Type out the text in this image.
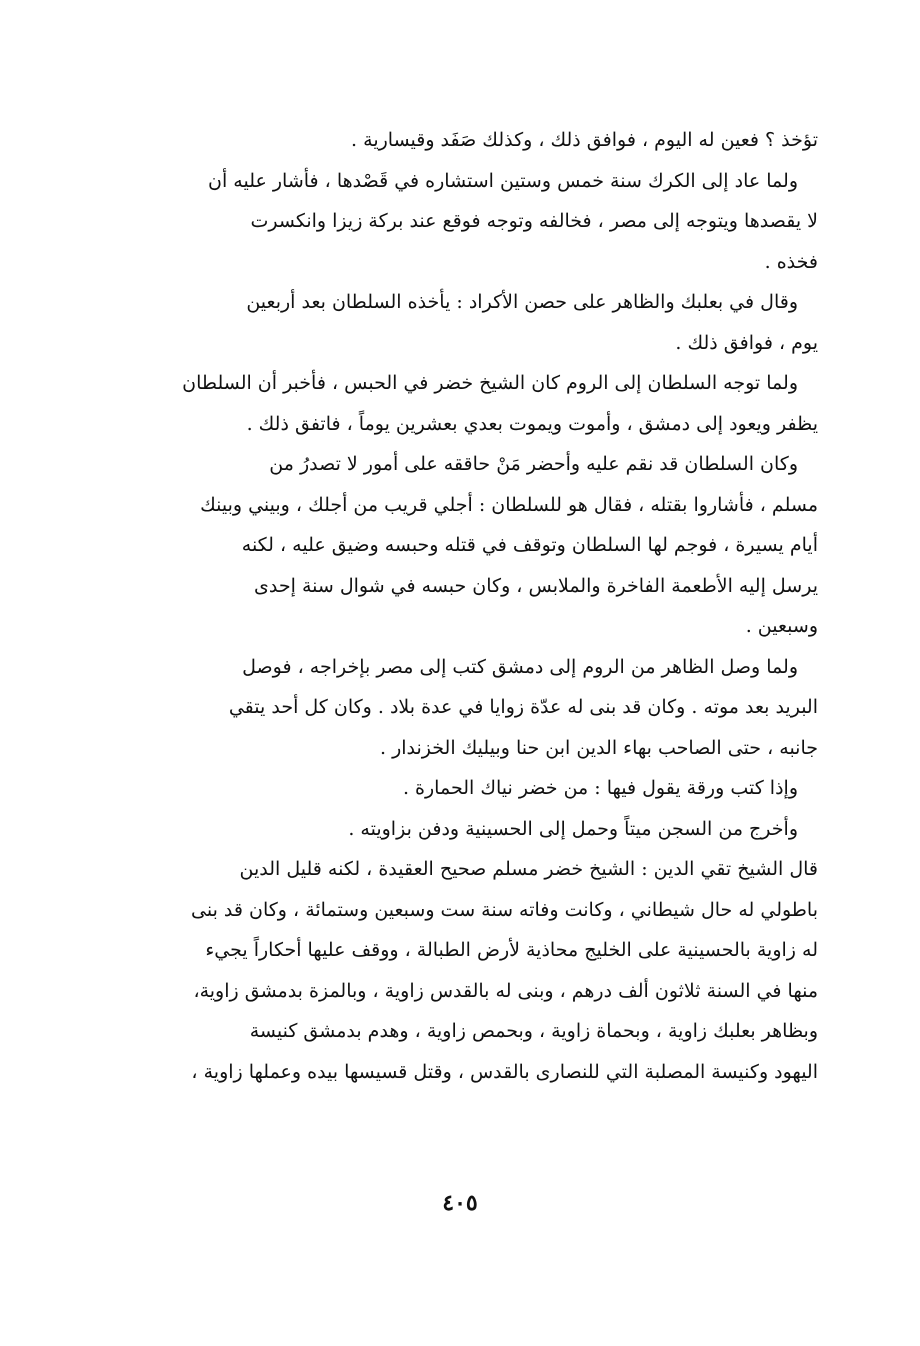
تؤخذ ؟ فعين له اليوم ، فوافق ذلك ، وكذلك صَفَد وقيسارية .
ولما عاد إلى الكرك سنة خمس وستين استشاره في قَصْدها ، فأشار عليه أن
لا يقصدها ويتوجه إلى مصر ، فخالفه وتوجه فوقع عند بركة زيزا وانكسرت
فخذه .
وقال في بعلبك والظاهر على حصن الأكراد : يأخذه السلطان بعد أربعين
يوم ، فوافق ذلك .
ولما توجه السلطان إلى الروم كان الشيخ خضر في الحبس ، فأخبر أن السلطان
يظفر ويعود إلى دمشق ، وأموت ويموت بعدي بعشرين يوماً ، فاتفق ذلك .
وكان السلطان قد نقم عليه وأحضر مَنْ حاققه على أمور لا تصدرُ من
مسلم ، فأشاروا بقتله ، فقال هو للسلطان : أجلي قريب من أجلك ، وبيني وبينك
أيام يسيرة ، فوجم لها السلطان وتوقف في قتله وحبسه وضيق عليه ، لكنه
يرسل إليه الأطعمة الفاخرة والملابس ، وكان حبسه في شوال سنة إحدى
وسبعين .
ولما وصل الظاهر من الروم إلى دمشق كتب إلى مصر بإخراجه ، فوصل
البريد بعد موته . وكان قد بنى له عدّة زوايا في عدة بلاد . وكان كل أحد يتقي
جانبه ، حتى الصاحب بهاء الدين ابن حنا وبيليك الخزندار .
وإذا كتب ورقة يقول فيها : من خضر نياك الحمارة .
وأخرج من السجن ميتاً وحمل إلى الحسينية ودفن بزاويته .
قال الشيخ تقي الدين : الشيخ خضر مسلم صحيح العقيدة ، لكنه قليل الدين
باطولي له حال شيطاني ، وكانت وفاته سنة ست وسبعين وستمائة ، وكان قد بنى
له زاوية بالحسينية على الخليج محاذية لأرض الطبالة ، ووقف عليها أحكاراً يجيء
منها في السنة ثلاثون ألف درهم ، وبنى له بالقدس زاوية ، وبالمزة بدمشق زاوية،
وبظاهر بعلبك زاوية ، وبحماة زاوية ، وبحمص زاوية ، وهدم بدمشق كنيسة
اليهود وكنيسة المصلبة التي للنصارى بالقدس ، وقتل قسيسها بيده وعملها زاوية ،
٤٠٥
